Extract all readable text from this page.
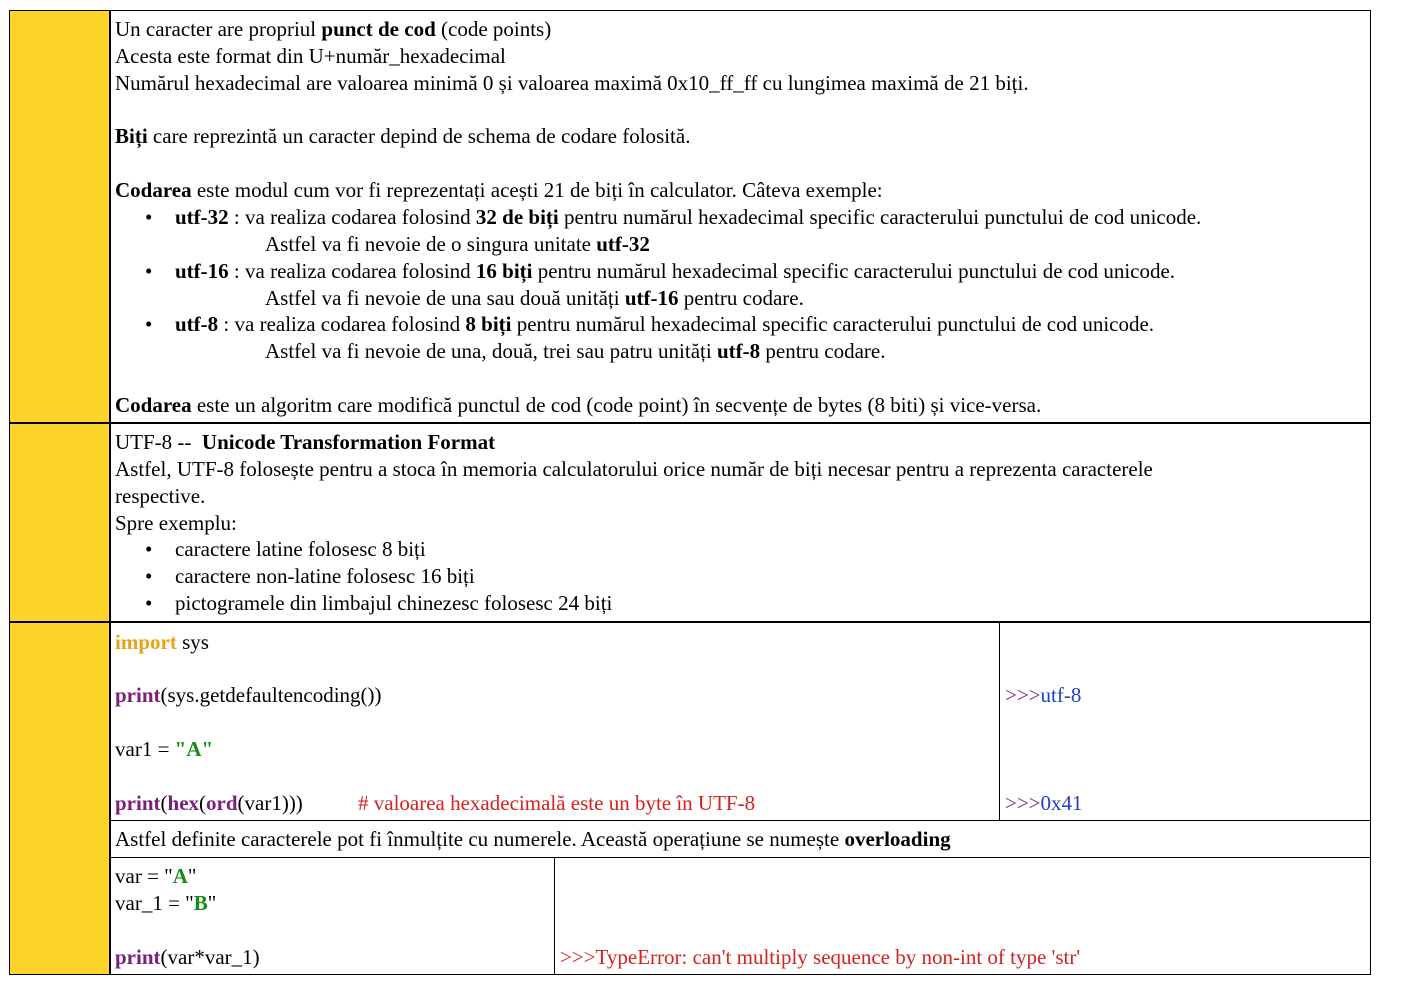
Un caracter are propriul punct de cod (code points)
Acesta este format din U+număr_hexadecimal
Numărul hexadecimal are valoarea minimă 0 și valoarea maximă 0x10_ff_ff cu lungimea maximă de 21 biți.
Biți care reprezintă un caracter depind de schema de codare folosită.
Codarea este modul cum vor fi reprezentați acești 21 de biți în calculator. Câteva exemple:
• utf-32 : va realiza codarea folosind 32 de biți pentru numărul hexadecimal specific caracterului punctului de cod unicode.
Astfel va fi nevoie de o singura unitate utf-32
• utf-16 : va realiza codarea folosind 16 biți pentru numărul hexadecimal specific caracterului punctului de cod unicode.
Astfel va fi nevoie de una sau două unități utf-16 pentru codare.
• utf-8 : va realiza codarea folosind 8 biți pentru numărul hexadecimal specific caracterului punctului de cod unicode.
Astfel va fi nevoie de una, două, trei sau patru unități utf-8 pentru codare.
Codarea este un algoritm care modifică punctul de cod (code point) în secvențe de bytes (8 biti) și vice-versa.
UTF-8 --  Unicode Transformation Format
Astfel, UTF-8 folosește pentru a stoca în memoria calculatorului orice număr de biți necesar pentru a reprezenta caracterele
respective.
Spre exemplu:
• caractere latine folosesc 8 biți
• caractere non-latine folosesc 16 biți
• pictogramele din limbajul chinezesc folosesc 24 biți
import sys
print(sys.getdefaultencoding())
var1 = "A"
print(hex(ord(var1)))	# valoarea hexadecimală este un byte în UTF-8
>>>utf-8
>>>0x41
Astfel definite caracterele pot fi înmulțite cu numerele. Această operațiune se numește overloading
var = "A"
var_1 = "B"
print(var*var_1)	>>>TypeError: can't multiply sequence by non-int of type 'str'
